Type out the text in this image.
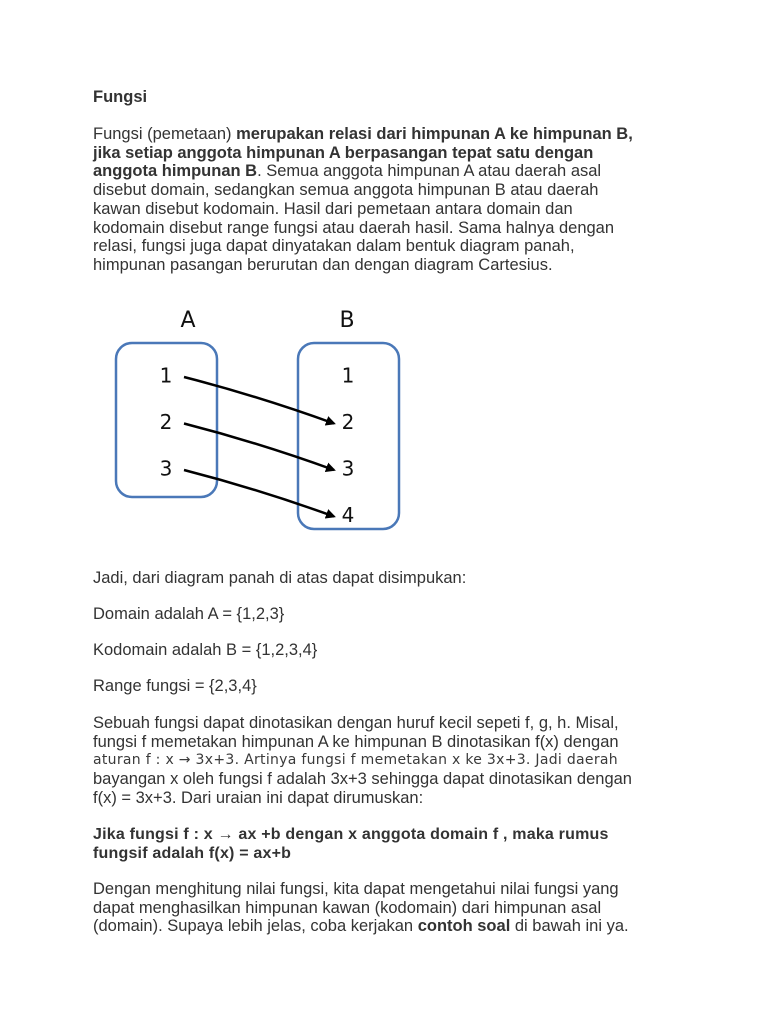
Fungsi

Fungsi (pemetaan) merupakan relasi dari himpunan A ke himpunan B,
jika setiap anggota himpunan A berpasangan tepat satu dengan
anggota himpunan B. Semua anggota himpunan A atau daerah asal
disebut domain, sedangkan semua anggota himpunan B atau daerah
kawan disebut kodomain. Hasil dari pemetaan antara domain dan
kodomain disebut range fungsi atau daerah hasil. Sama halnya dengan
relasi, fungsi juga dapat dinyatakan dalam bentuk diagram panah,
himpunan pasangan berurutan dan dengan diagram Cartesius.
A	B
1
2
3
1
2
3
4

Jadi, dari diagram panah di atas dapat disimpukan:

Domain adalah A = {1,2,3}

Kodomain adalah B = {1,2,3,4}

Range fungsi = {2,3,4}

Sebuah fungsi dapat dinotasikan dengan huruf kecil sepeti f, g, h. Misal,
fungsi f memetakan himpunan A ke himpunan B dinotasikan f(x) dengan
aturan f : x → 3x+3. Artinya fungsi f memetakan x ke 3x+3. Jadi daerah
bayangan x oleh fungsi f adalah 3x+3 sehingga dapat dinotasikan dengan
f(x) = 3x+3. Dari uraian ini dapat dirumuskan:
Jika fungsi f : x → ax +b dengan x anggota domain f , maka rumus
fungsif adalah f(x) = ax+b
Dengan menghitung nilai fungsi, kita dapat mengetahui nilai fungsi yang
dapat menghasilkan himpunan kawan (kodomain) dari himpunan asal
(domain). Supaya lebih jelas, coba kerjakan contoh soal di bawah ini ya.
